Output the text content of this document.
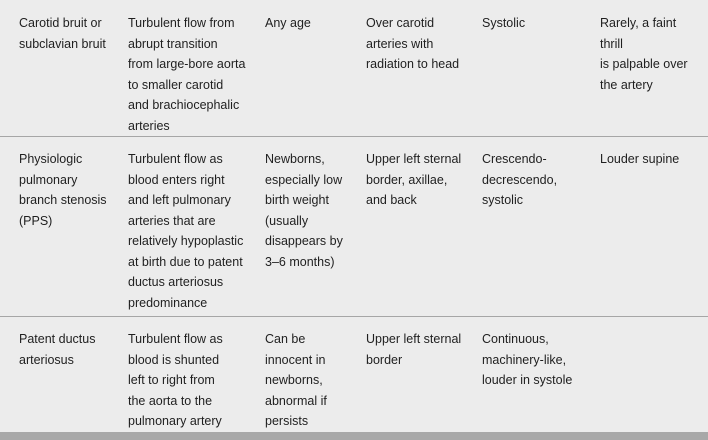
Carotid bruit or
subclavian bruit
Turbulent flow from
abrupt transition
from large-bore aorta
to smaller carotid
and brachiocephalic
arteries
Any age	Over carotid
arteries with
radiation to head
Systolic	Rarely, a faint thrill
is palpable over
the artery
Physiologic
pulmonary
branch stenosis
(PPS)
Turbulent flow as
blood enters right
and left pulmonary
arteries that are
relatively hypoplastic
at birth due to patent
ductus arteriosus
predominance
Newborns,
especially low
birth weight
(usually
disappears by
3–6 months)
Upper left sternal
border, axillae,
and back
Crescendo-
decrescendo,
systolic
Louder supine
Patent ductus
arteriosus
Turbulent flow as
blood is shunted
left to right from
the aorta to the
pulmonary artery
Can be
innocent in
newborns,
abnormal if
persists
Upper left sternal
border
Continuous,
machinery-like,
louder in systole
